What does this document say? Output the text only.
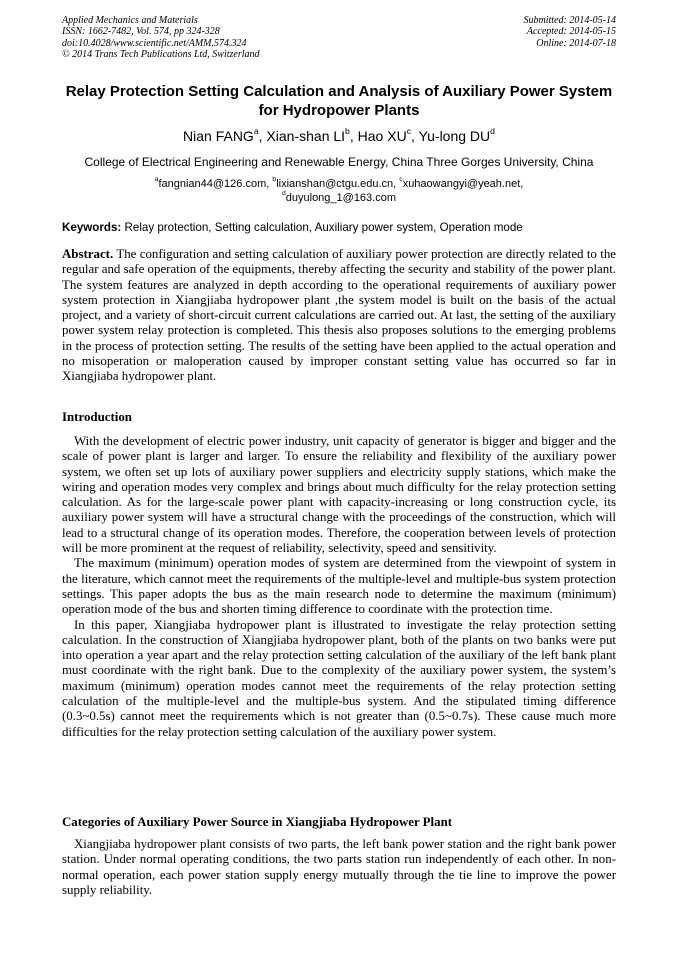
Applied Mechanics and Materials
ISSN: 1662-7482, Vol. 574, pp 324-328
doi:10.4028/www.scientific.net/AMM.574.324
© 2014 Trans Tech Publications Ltd, Switzerland
Submitted: 2014-05-14
Accepted: 2014-05-15
Online: 2014-07-18
Relay Protection Setting Calculation and Analysis of Auxiliary Power System for Hydropower Plants
Nian FANG$^a$, Xian-shan $LI^b$, Hao $XU^c$, Yu-long $DU^d$
College of Electrical Engineering and Renewable Energy, China Three Gorges University, China
$^a$fangnian44@126.com, $^b$lixianshan@ctgu.edu.cn, $^c$xuhaowangyi@yeah.net,
$^d$duyulong_1@163.com
Keywords: Relay protection, Setting calculation, Auxiliary power system, Operation mode
Abstract. The configuration and setting calculation of auxiliary power protection are directly related to the regular and safe operation of the equipments, thereby affecting the security and stability of the power plant. The system features are analyzed in depth according to the operational requirements of auxiliary power system protection in Xiangjiaba hydropower plant ,the system model is built on the basis of the actual project, and a variety of short-circuit current calculations are carried out. At last, the setting of the auxiliary power system relay protection is completed. This thesis also proposes solutions to the emerging problems in the process of protection setting. The results of the setting have been applied to the actual operation and no misoperation or maloperation caused by improper constant setting value has occurred so far in Xiangjiaba hydropower plant.
Introduction

With the development of electric power industry, unit capacity of generator is bigger and bigger and the scale of power plant is larger and larger. To ensure the reliability and flexibility of the auxiliary power system, we often set up lots of auxiliary power suppliers and electricity supply stations, which make the wiring and operation modes very complex and brings about much difficulty for the relay protection setting calculation. As for the large-scale power plant with capacity-increasing or long construction cycle, its auxiliary power system will have a structural change with the proceedings of the construction, which will lead to a structural change of its operation modes. Therefore, the cooperation between levels of protection will be more prominent at the request of reliability, selectivity, speed and sensitivity.

The maximum (minimum) operation modes of system are determined from the viewpoint of system in the literature, which cannot meet the requirements of the multiple-level and multiple-bus system protection settings. This paper adopts the bus as the main research node to determine the maximum (minimum) operation mode of the bus and shorten timing difference to coordinate with the protection time.

In this paper, Xiangjiaba hydropower plant is illustrated to investigate the relay protection setting calculation. In the construction of Xiangjiaba hydropower plant, both of the plants on two banks were put into operation a year apart and the relay protection setting calculation of the auxiliary of the left bank plant must coordinate with the right bank. Due to the complexity of the auxiliary power system, the system’s maximum (minimum) operation modes cannot meet the requirements of the relay protection setting calculation of the multiple-level and the multiple-bus system. And the stipulated timing difference (0.3~0.5s) cannot meet the requirements which is not greater than (0.5~0.7s). These cause much more difficulties for the relay protection setting calculation of the auxiliary power system.

Categories of Auxiliary Power Source in Xiangjiaba Hydropower Plant

Xiangjiaba hydropower plant consists of two parts, the left bank power station and the right bank power station. Under normal operating conditions, the two parts station run independently of each other. In non-normal operation, each power station supply energy mutually through the tie line to improve the power supply reliability.
